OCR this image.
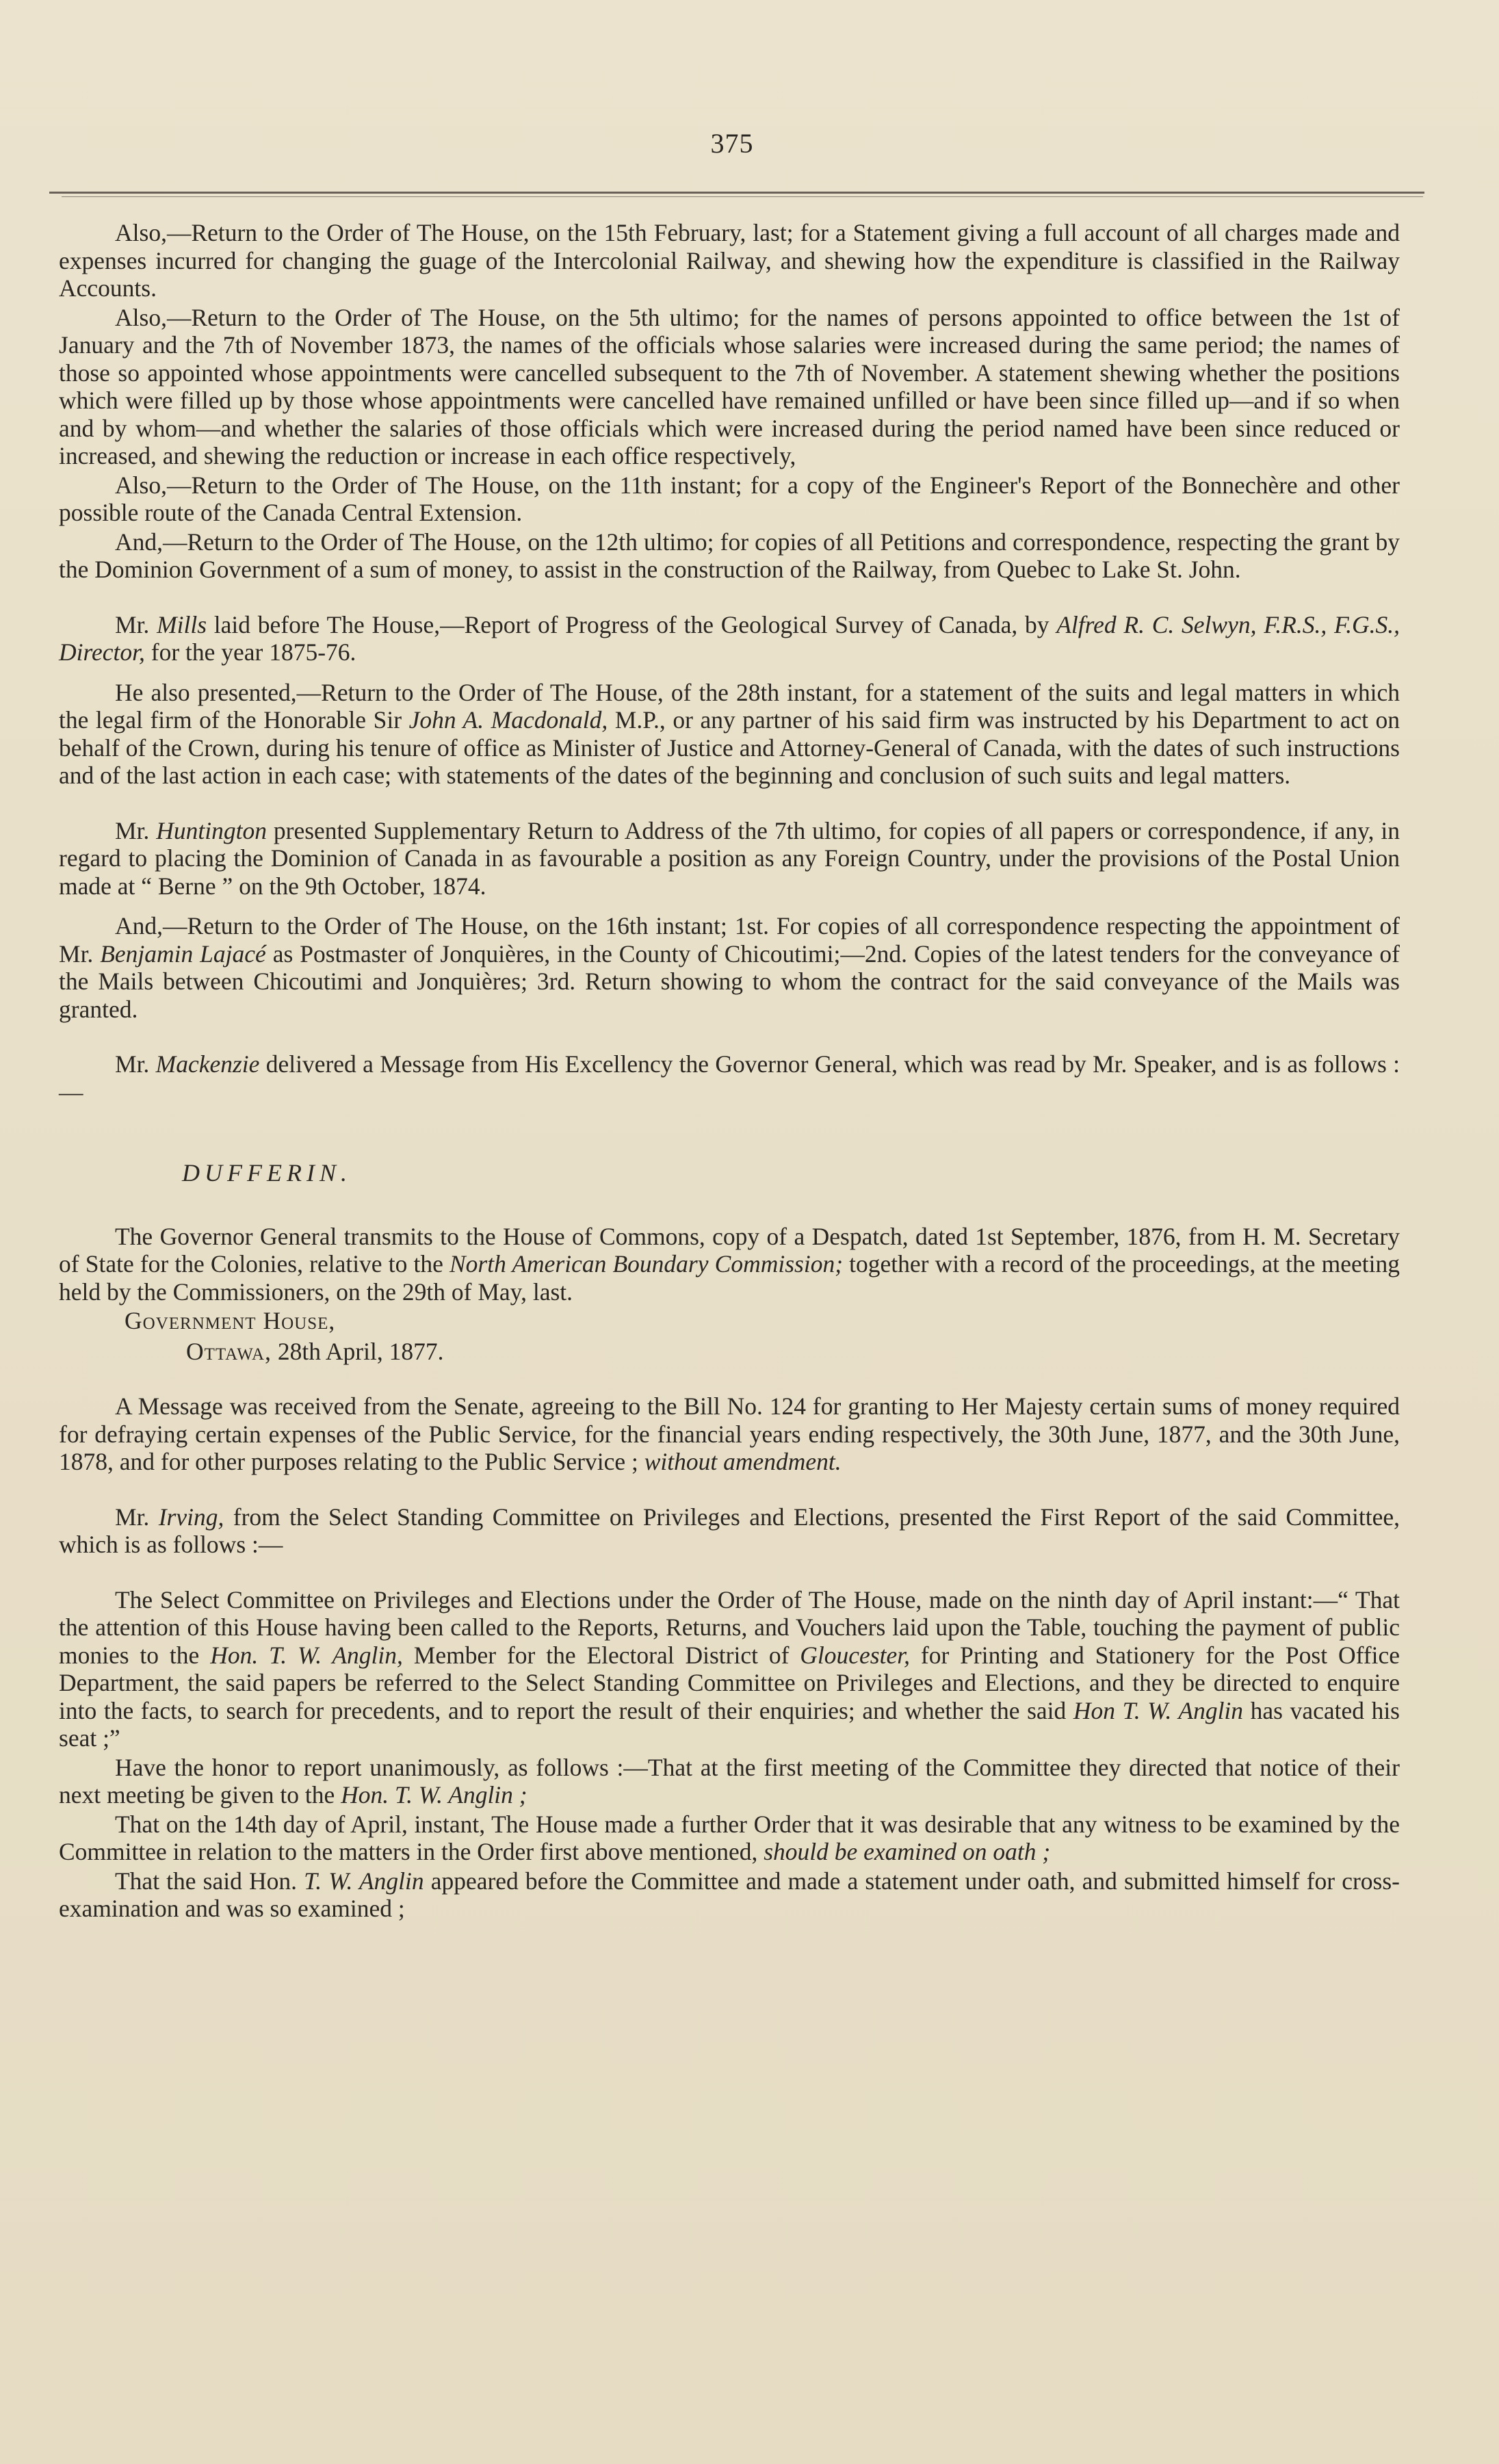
375

Also,—Return to the Order of The House, on the 15th February, last; for a Statement giving a full account of all charges made and expenses incurred for changing the guage of the Intercolonial Railway, and shewing how the expenditure is classified in the Railway Accounts.

Also,—Return to the Order of The House, on the 5th ultimo; for the names of persons appointed to office between the 1st of January and the 7th of November 1873, the names of the officials whose salaries were increased during the same period; the names of those so appointed whose appointments were cancelled subsequent to the 7th of November. A statement shewing whether the positions which were filled up by those whose appointments were cancelled have remained unfilled or have been since filled up—and if so when and by whom—and whether the salaries of those officials which were increased during the period named have been since reduced or increased, and shewing the reduction or increase in each office respectively,

Also,—Return to the Order of The House, on the 11th instant; for a copy of the Engineer's Report of the Bonnechère and other possible route of the Canada Central Extension.

And,—Return to the Order of The House, on the 12th ultimo; for copies of all Petitions and correspondence, respecting the grant by the Dominion Government of a sum of money, to assist in the construction of the Railway, from Quebec to Lake St. John.

Mr. Mills laid before The House,—Report of Progress of the Geological Survey of Canada, by Alfred R. C. Selwyn, F.R.S., F.G.S., Director, for the year 1875-76.

He also presented,—Return to the Order of The House, of the 28th instant, for a statement of the suits and legal matters in which the legal firm of the Honorable Sir John A. Macdonald, M.P., or any partner of his said firm was instructed by his Department to act on behalf of the Crown, during his tenure of office as Minister of Justice and Attorney-General of Canada, with the dates of such instructions and of the last action in each case; with statements of the dates of the beginning and conclusion of such suits and legal matters.

Mr. Huntington presented Supplementary Return to Address of the 7th ultimo, for copies of all papers or correspondence, if any, in regard to placing the Dominion of Canada in as favourable a position as any Foreign Country, under the provisions of the Postal Union made at “ Berne ” on the 9th October, 1874.

And,—Return to the Order of The House, on the 16th instant; 1st. For copies of all correspondence respecting the appointment of Mr. Benjamin Lajacé as Postmaster of Jonquières, in the County of Chicoutimi;—2nd. Copies of the latest tenders for the conveyance of the Mails between Chicoutimi and Jonquières; 3rd. Return showing to whom the contract for the said conveyance of the Mails was granted.

Mr. Mackenzie delivered a Message from His Excellency the Governor General, which was read by Mr. Speaker, and is as follows :—

DUFFERIN.

The Governor General transmits to the House of Commons, copy of a Despatch, dated 1st September, 1876, from H. M. Secretary of State for the Colonies, relative to the North American Boundary Commission; together with a record of the proceedings, at the meeting held by the Commissioners, on the 29th of May, last.

Government House,
Ottawa, 28th April, 1877.

A Message was received from the Senate, agreeing to the Bill No. 124 for granting to Her Majesty certain sums of money required for defraying certain expenses of the Public Service, for the financial years ending respectively, the 30th June, 1877, and the 30th June, 1878, and for other purposes relating to the Public Service ; without amendment.

Mr. Irving, from the Select Standing Committee on Privileges and Elections, presented the First Report of the said Committee, which is as follows :—

The Select Committee on Privileges and Elections under the Order of The House, made on the ninth day of April instant:—“ That the attention of this House having been called to the Reports, Returns, and Vouchers laid upon the Table, touching the payment of public monies to the Hon. T. W. Anglin, Member for the Electoral District of Gloucester, for Printing and Stationery for the Post Office Department, the said papers be referred to the Select Standing Committee on Privileges and Elections, and they be directed to enquire into the facts, to search for precedents, and to report the result of their enquiries; and whether the said Hon T. W. Anglin has vacated his seat ;”

Have the honor to report unanimously, as follows :—That at the first meeting of the Committee they directed that notice of their next meeting be given to the Hon. T. W. Anglin ;

That on the 14th day of April, instant, The House made a further Order that it was desirable that any witness to be examined by the Committee in relation to the matters in the Order first above mentioned, should be examined on oath ;

That the said Hon. T. W. Anglin appeared before the Committee and made a statement under oath, and submitted himself for cross-examination and was so examined ;
